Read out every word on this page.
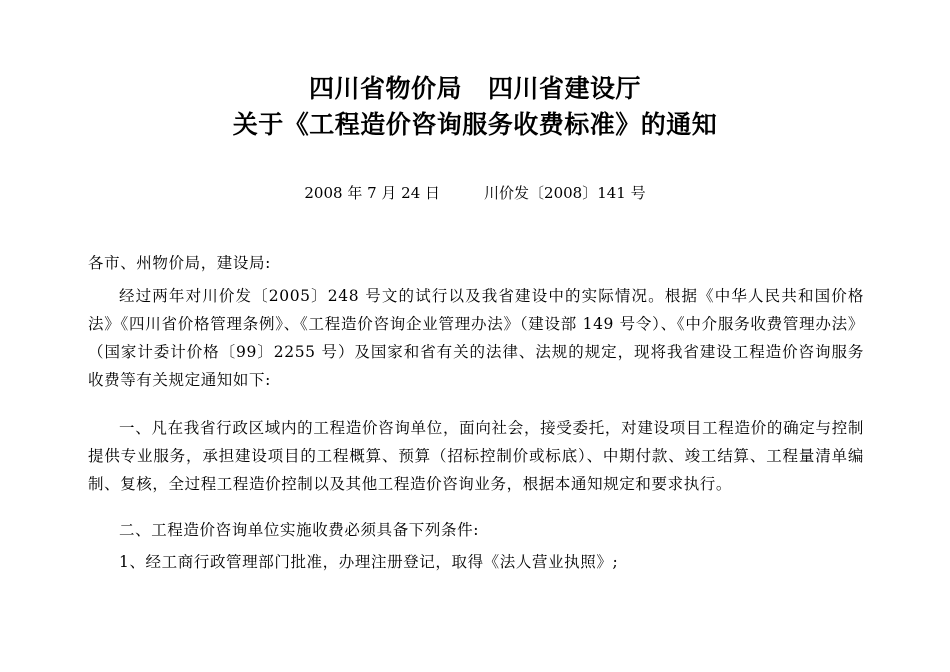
四川省物价局 四川省建设厅
关于《工程造价咨询服务收费标准》的通知
2008 年 7 月 24 日	川价发〔2008〕141 号
各市、州物价局，建设局:

经过两年对川价发〔2005〕248 号文的试行以及我省建设中的实际情况。根据《中华人民共和国价格法》《四川省价格管理条例》、《工程造价咨询企业管理办法》（建设部 149 号令）、《中介服务收费管理办法》（国家计委计价格〔99〕2255 号）及国家和省有关的法律、法规的规定，现将我省建设工程造价咨询服务收费等有关规定通知如下:

一、凡在我省行政区域内的工程造价咨询单位，面向社会，接受委托，对建设项目工程造价的确定与控制提供专业服务，承担建设项目的工程概算、预算（招标控制价或标底）、中期付款、竣工结算、工程量清单编制、复核，全过程工程造价控制以及其他工程造价咨询业务，根据本通知规定和要求执行。

二、工程造价咨询单位实施收费必须具备下列条件:

1、经工商行政管理部门批准，办理注册登记，取得《法人营业执照》;
